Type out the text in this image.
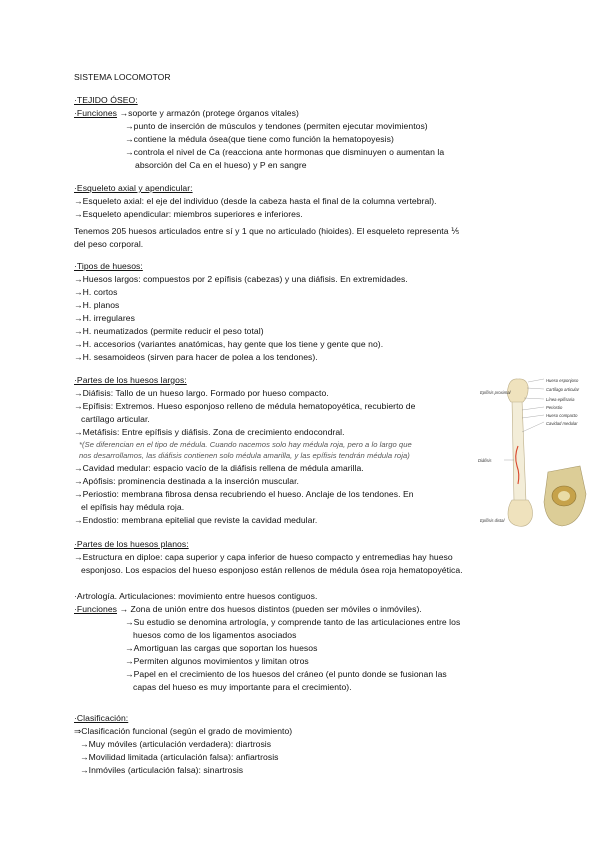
SISTEMA LOCOMOTOR
·TEJIDO ÓSEO:
·Funciones →soporte y armazón (protege órganos vitales)
→punto de inserción de músculos y tendones (permiten ejecutar movimientos)
→contiene la médula ósea(que tiene como función la hematopoyesis)
→controla el nivel de Ca (reacciona ante hormonas que disminuyen o aumentan la
absorción del Ca en el hueso) y P en sangre
·Esqueleto axial y apendicular:
→Esqueleto axial: el eje del individuo (desde la cabeza hasta el final de la columna vertebral).
→Esqueleto apendicular: miembros superiores e inferiores.
Tenemos 205 huesos articulados entre sí y 1 que no articulado (hioides). El esqueleto representa ⅕
del peso corporal.
·Tipos de huesos:
→Huesos largos: compuestos por 2 epífisis (cabezas) y una diáfisis. En extremidades.
→H. cortos
→H. planos
→H. irregulares
→H. neumatizados (permite reducir el peso total)
→H. accesorios (variantes anatómicas, hay gente que los tiene y gente que no).
→H. sesamoideos (sirven para hacer de polea a los tendones).
·Partes de los huesos largos:
→Diáfisis: Tallo de un hueso largo. Formado por hueso compacto.
→Epífisis: Extremos. Hueso esponjoso relleno de médula hematopoyética, recubierto de
cartílago articular.
→Metáfisis: Entre epífisis y diáfisis. Zona de crecimiento endocondral.
*(Se diferencian en el tipo de médula. Cuando nacemos solo hay médula roja, pero a lo largo que
nos desarrollamos, las diáfisis contienen solo médula amarilla, y las epífisis tendrán médula roja)
→Cavidad medular: espacio vacío de la diáfisis rellena de médula amarilla.
→Apófisis: prominencia destinada a la inserción muscular.
→Periostio: membrana fibrosa densa recubriendo el hueso. Anclaje de los tendones. En
el epífisis hay médula roja.
→Endostio: membrana epitelial que reviste la cavidad medular.
Epífisis proximal
Diáfisis
Epífisis distal
Hueso esponjoso
Cartílago articular
Línea epifisaria
Periostio
Hueso compacto
Cavidad medular
·Partes de los huesos planos:
→Estructura en diploe: capa superior y capa inferior de hueso compacto y entremedias hay hueso
esponjoso. Los espacios del hueso esponjoso están rellenos de médula ósea roja hematopoyética.
·Artrología. Articulaciones: movimiento entre huesos contiguos.
·Funciones → Zona de unión entre dos huesos distintos (pueden ser móviles o inmóviles).
→Su estudio se denomina artrología, y comprende tanto de las articulaciones entre los
huesos como de los ligamentos asociados
→Amortiguan las cargas que soportan los huesos
→Permiten algunos movimientos y limitan otros
→Papel en el crecimiento de los huesos del cráneo (el punto donde se fusionan las
capas del hueso es muy importante para el crecimiento).
·Clasificación:
⇒Clasificación funcional (según el grado de movimiento)
→Muy móviles (articulación verdadera): diartrosis
→Movilidad limitada (articulación falsa): anfiartrosis
→Inmóviles (articulación falsa): sinartrosis
